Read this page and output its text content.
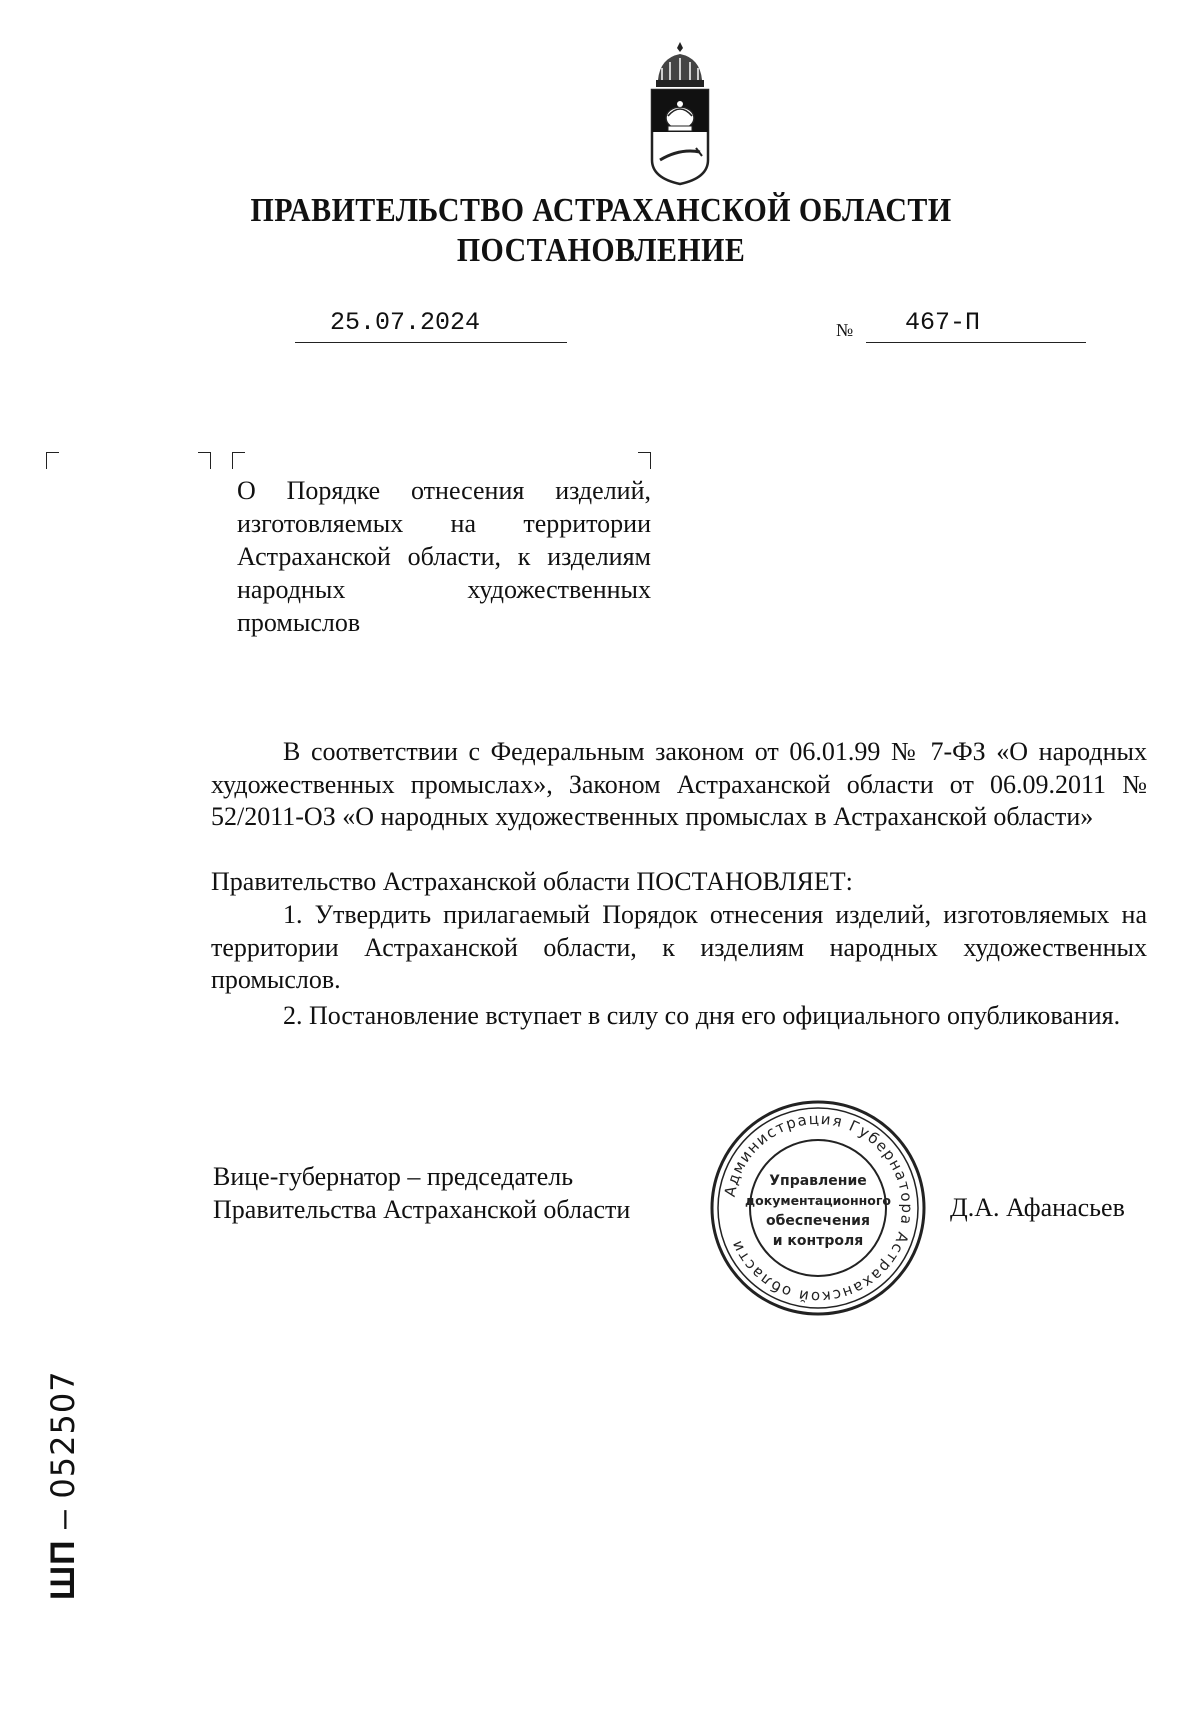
ПРАВИТЕЛЬСТВО АСТРАХАНСКОЙ ОБЛАСТИ
ПОСТАНОВЛЕНИЕ
25.07.2024	№ 467-П
О Порядке отнесения изделий, изготовляемых на территории Астраханской области, к изделиям народных художественных промыслов
В соответствии с Федеральным законом от 06.01.99 № 7-ФЗ «О народных художественных промыслах», Законом Астраханской области от 06.09.2011 № 52/2011-ОЗ «О народных художественных промыслах в Астраханской области»
Правительство Астраханской области ПОСТАНОВЛЯЕТ:
1. Утвердить прилагаемый Порядок отнесения изделий, изготовляемых на территории Астраханской области, к изделиям народных художественных промыслов.
2. Постановление вступает в силу со дня его официального опубликования.
Вице-губернатор – председатель
Правительства Астраханской области	Д.А. Афанасьев
Администрация Губернатора Астраханской области
Управление
документационного
обеспечения
и контроля
ШП – 052507
